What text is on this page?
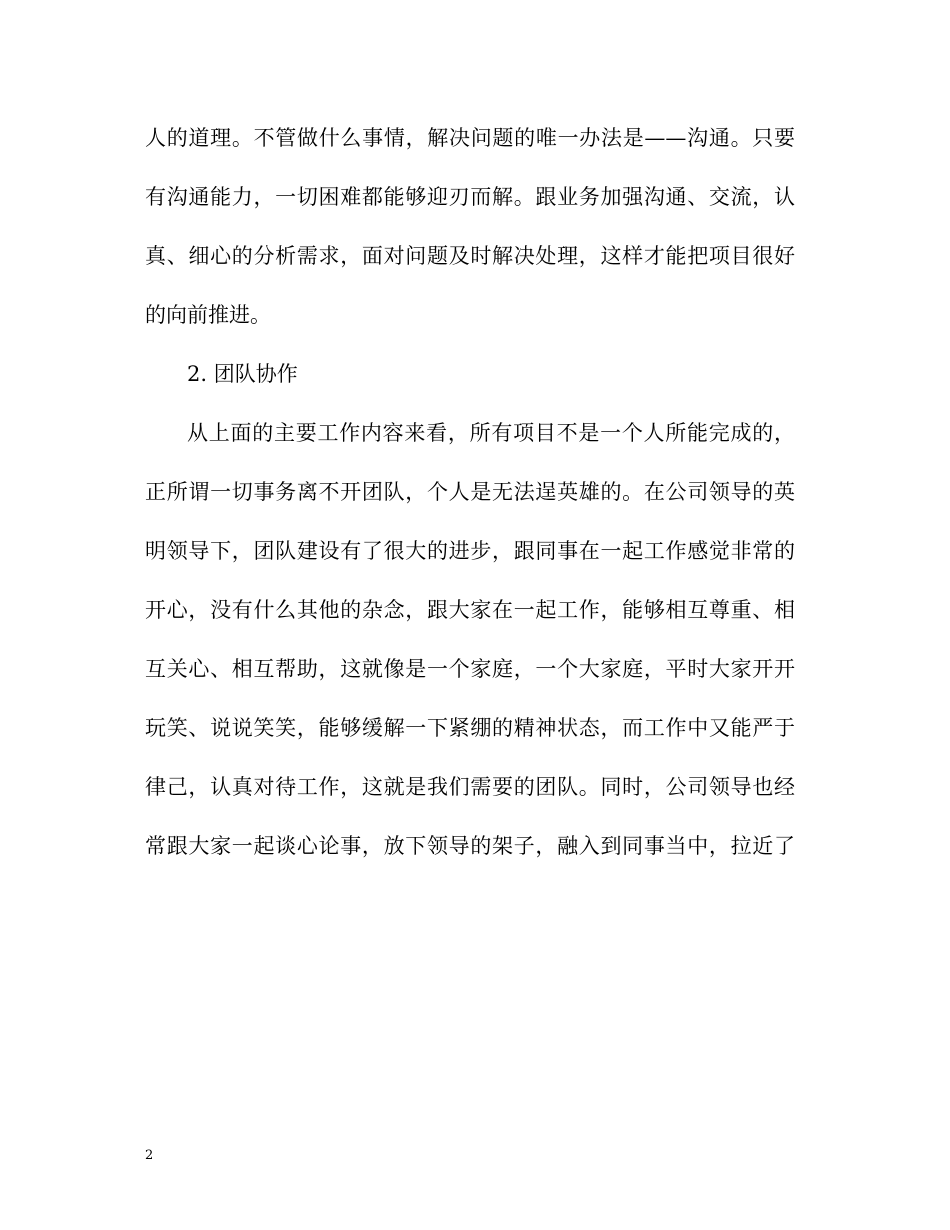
人的道理。不管做什么事情，解决问题的唯一办法是——沟通。只要
有沟通能力，一切困难都能够迎刃而解。跟业务加强沟通、交流，认
真、细心的分析需求，面对问题及时解决处理，这样才能把项目很好
的向前推进。
2. 团队协作
从上面的主要工作内容来看，所有项目不是一个人所能完成的，
正所谓一切事务离不开团队，个人是无法逞英雄的。在公司领导的英
明领导下，团队建设有了很大的进步，跟同事在一起工作感觉非常的
开心，没有什么其他的杂念，跟大家在一起工作，能够相互尊重、相
互关心、相互帮助，这就像是一个家庭，一个大家庭，平时大家开开
玩笑、说说笑笑，能够缓解一下紧绷的精神状态，而工作中又能严于
律己，认真对待工作，这就是我们需要的团队。同时，公司领导也经
常跟大家一起谈心论事，放下领导的架子，融入到同事当中，拉近了
2
